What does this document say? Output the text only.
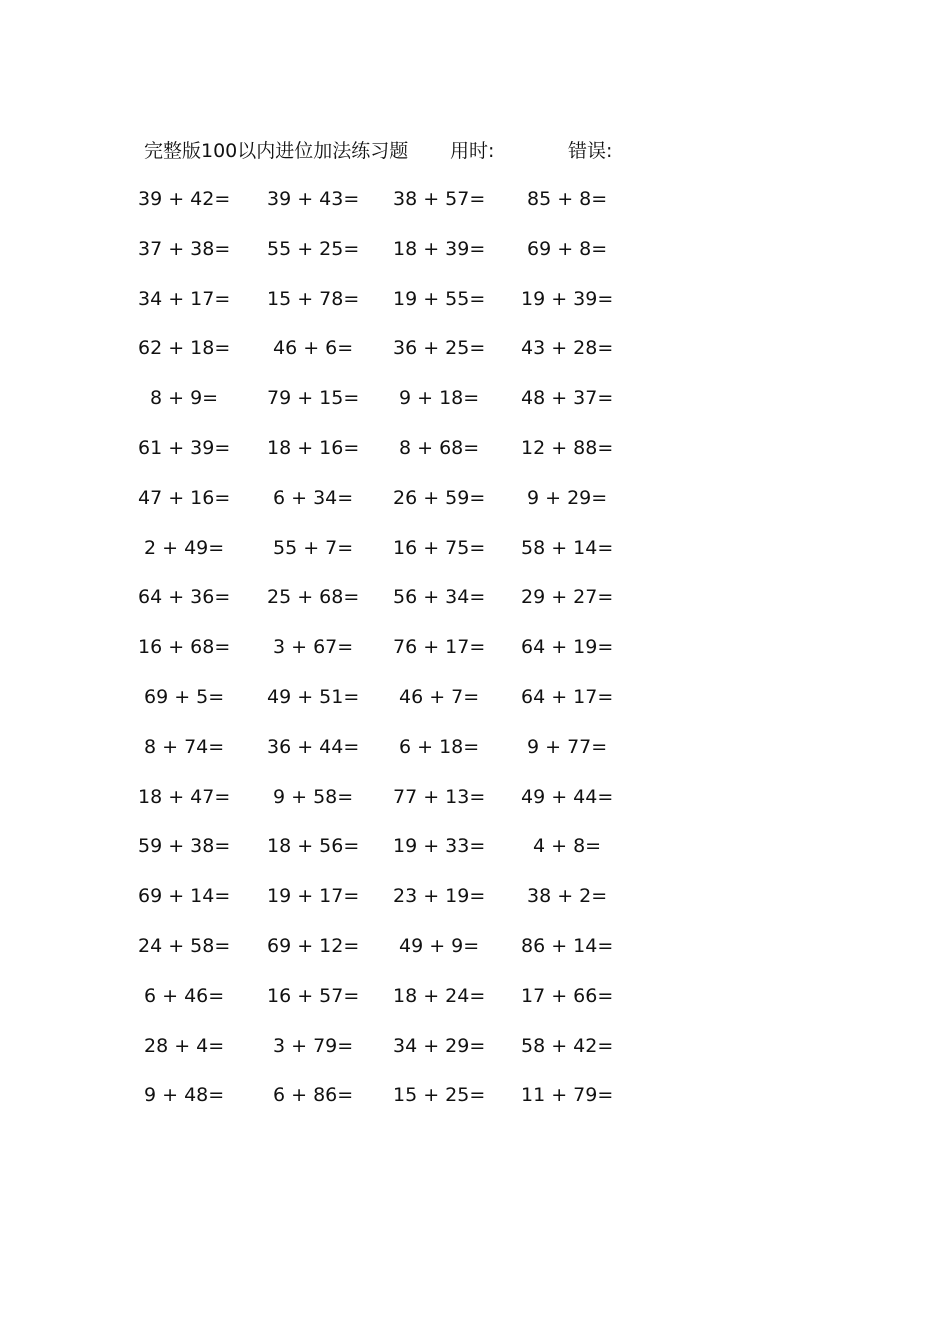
完整版100以内进位加法练习题 用时:	错误:
39 + 42= 39 + 43= 38 + 57= 85 + 8=
37 + 38= 55 + 25= 18 + 39= 69 + 8=
34 + 17= 15 + 78= 19 + 55= 19 + 39=
62 + 18= 46 + 6= 36 + 25= 43 + 28=
8 + 9=	79 + 15= 9 + 18= 48 + 37=
61 + 39= 18 + 16= 8 + 68= 12 + 88=
47 + 16= 6 + 34= 26 + 59= 9 + 29=
2 + 49=	55 + 7= 16 + 75= 58 + 14=
64 + 36= 25 + 68= 56 + 34= 29 + 27=
16 + 68= 3 + 67= 76 + 17= 64 + 19=
69 + 5= 49 + 51= 46 + 7= 64 + 17=
8 + 74= 36 + 44= 6 + 18=	9 + 77=
18 + 47= 9 + 58= 77 + 13= 49 + 44=
59 + 38= 18 + 56= 19 + 33=	4 + 8=
69 + 14= 19 + 17= 23 + 19= 38 + 2=
24 + 58= 69 + 12= 49 + 9= 86 + 14=
6 + 46= 16 + 57= 18 + 24= 17 + 66=
28 + 4=	3 + 79= 34 + 29= 58 + 42=
9 + 48=	6 + 86= 15 + 25= 11 + 79=
